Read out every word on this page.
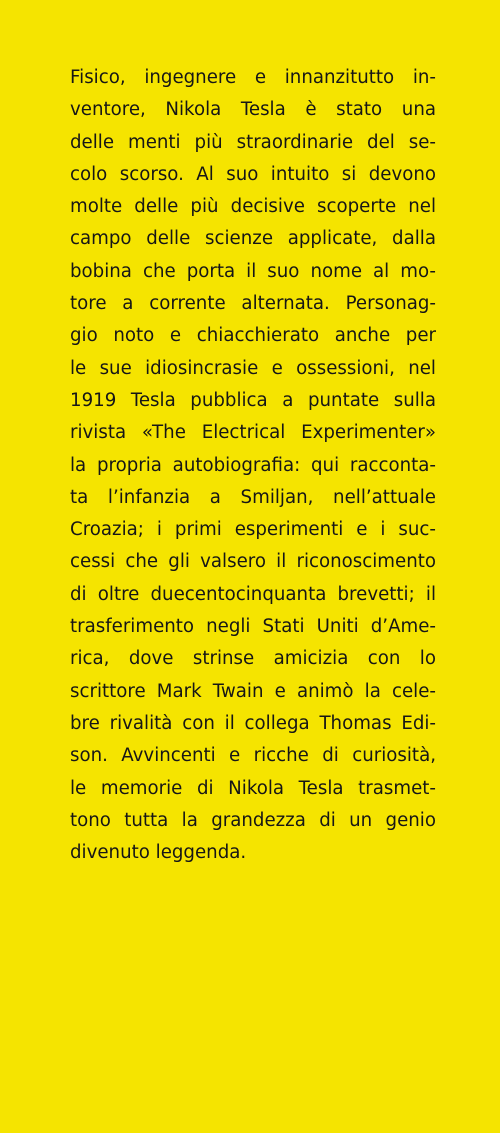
Fisico, ingegnere e innanzitutto in-
ventore, Nikola Tesla è stato una
delle menti più straordinarie del se-
colo scorso. Al suo intuito si devono
molte delle più decisive scoperte nel
campo delle scienze applicate, dalla
bobina che porta il suo nome al mo-
tore a corrente alternata. Personag-
gio noto e chiacchierato anche per
le sue idiosincrasie e ossessioni, nel
1919 Tesla pubblica a puntate sulla
rivista «The Electrical Experimenter»
la propria autobiografia: qui racconta-
ta l’infanzia a Smiljan, nell’attuale
Croazia; i primi esperimenti e i suc-
cessi che gli valsero il riconoscimento
di oltre duecentocinquanta brevetti; il
trasferimento negli Stati Uniti d’Ame-
rica, dove strinse amicizia con lo
scrittore Mark Twain e animò la cele-
bre rivalità con il collega Thomas Edi-
son. Avvincenti e ricche di curiosità,
le memorie di Nikola Tesla trasmet-
tono tutta la grandezza di un genio
divenuto leggenda.
